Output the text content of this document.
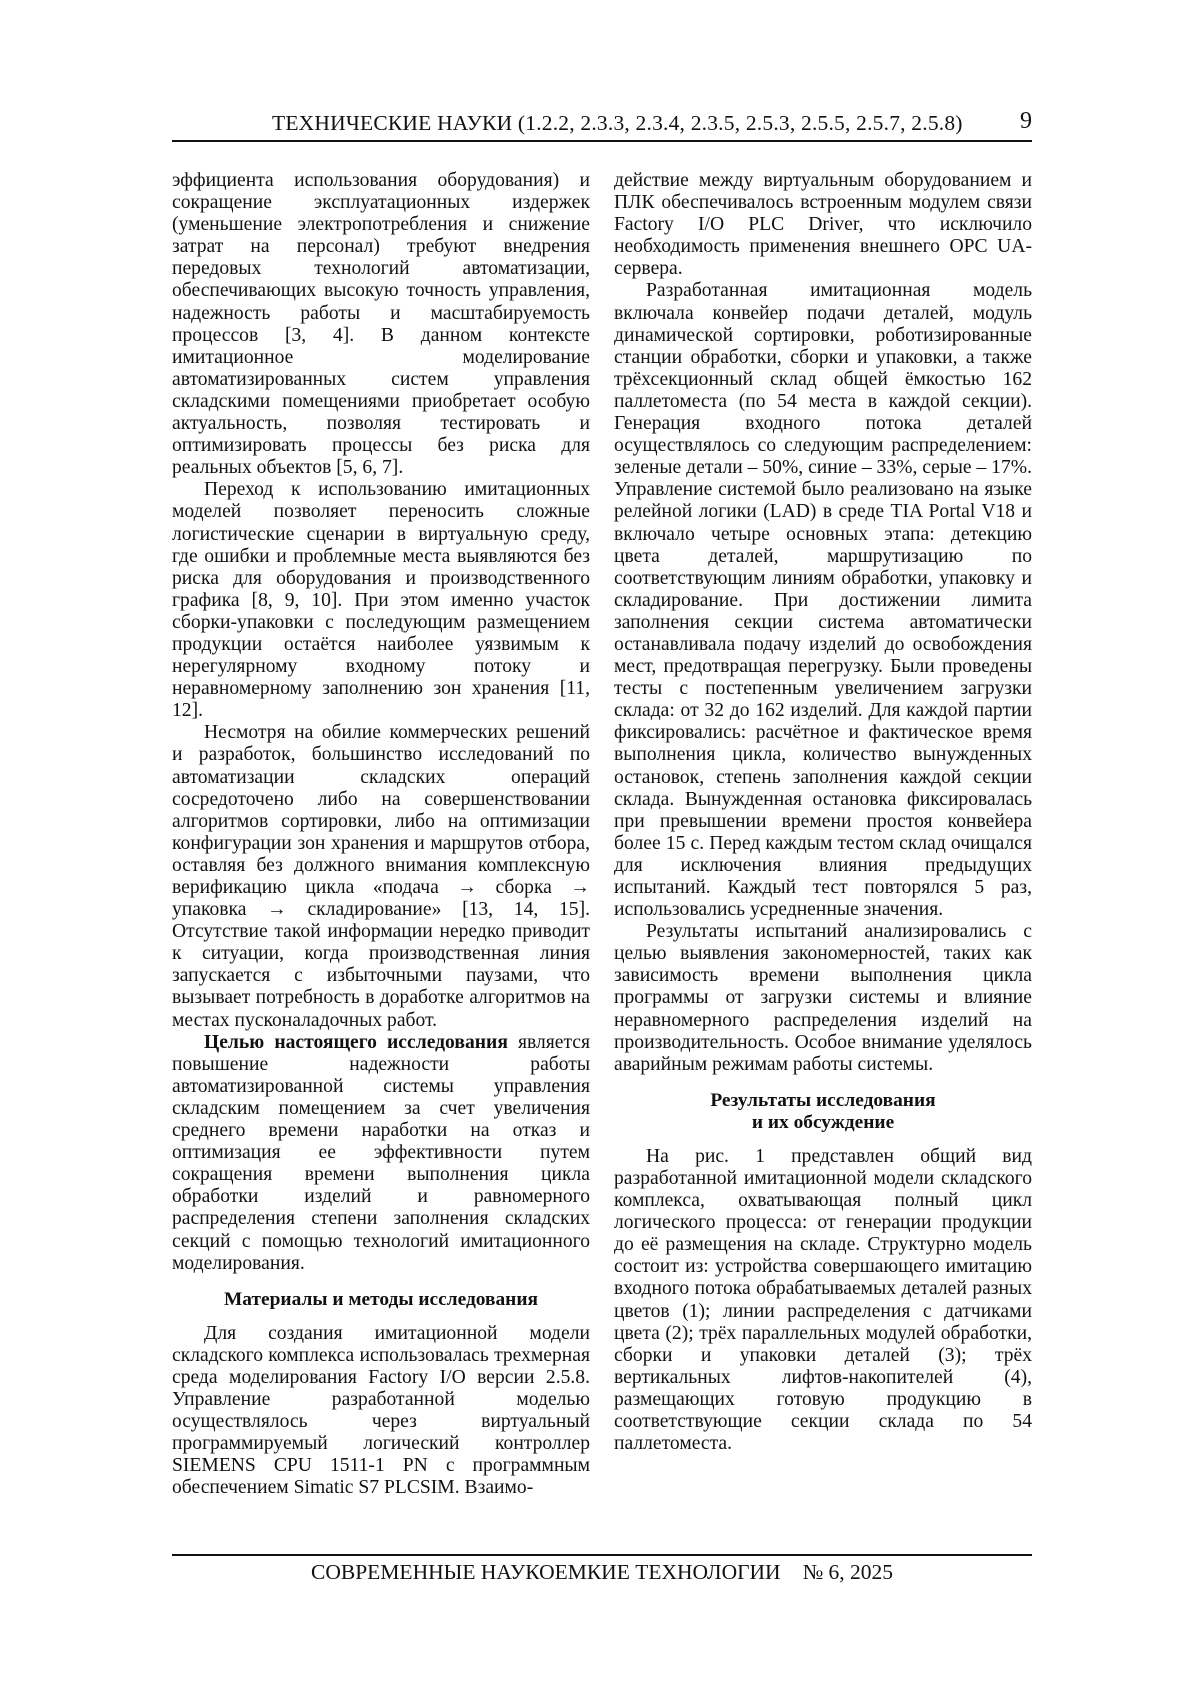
ТЕХНИЧЕСКИЕ НАУКИ (1.2.2, 2.3.3, 2.3.4, 2.3.5, 2.5.3, 2.5.5, 2.5.7, 2.5.8) 9

эффициента использования оборудования) и сокращение эксплуатационных издержек (уменьшение электропотребления и снижение затрат на персонал) требуют внедрения передовых технологий автоматизации, обеспечивающих высокую точность управления, надежность работы и масштабируемость процессов [3, 4]. В данном контексте имитационное моделирование автоматизированных систем управления складскими помещениями приобретает особую актуальность, позволяя тестировать и оптимизировать процессы без риска для реальных объектов [5, 6, 7].

Переход к использованию имитационных моделей позволяет переносить сложные логистические сценарии в виртуальную среду, где ошибки и проблемные места выявляются без риска для оборудования и производственного графика [8, 9, 10]. При этом именно участок сборки-упаковки с последующим размещением продукции остаётся наиболее уязвимым к нерегулярному входному потоку и неравномерному заполнению зон хранения [11, 12].

Несмотря на обилие коммерческих решений и разработок, большинство исследований по автоматизации складских операций сосредоточено либо на совершенствовании алгоритмов сортировки, либо на оптимизации конфигурации зон хранения и маршрутов отбора, оставляя без должного внимания комплексную верификацию цикла «подача → сборка → упаковка → складирование» [13, 14, 15]. Отсутствие такой информации нередко приводит к ситуации, когда производственная линия запускается с избыточными паузами, что вызывает потребность в доработке алгоритмов на местах пусконаладочных работ.

Целью настоящего исследования является повышение надежности работы автоматизированной системы управления складским помещением за счет увеличения среднего времени наработки на отказ и оптимизация ее эффективности путем сокращения времени выполнения цикла обработки изделий и равномерного распределения степени заполнения складских секций с помощью технологий имитационного моделирования.

Материалы и методы исследования

Для создания имитационной модели складского комплекса использовалась трехмерная среда моделирования Factory I/O версии 2.5.8. Управление разработанной моделью осуществлялось через виртуальный программируемый логический контроллер SIEMENS CPU 1511-1 PN с программным обеспечением Simatic S7 PLCSIM. Взаимо-

действие между виртуальным оборудованием и ПЛК обеспечивалось встроенным модулем связи Factory I/O PLC Driver, что исключило необходимость применения внешнего OPC UA-сервера.

Разработанная имитационная модель включала конвейер подачи деталей, модуль динамической сортировки, роботизированные станции обработки, сборки и упаковки, а также трёхсекционный склад общей ёмкостью 162 паллетоместа (по 54 места в каждой секции). Генерация входного потока деталей осуществлялось со следующим распределением: зеленые детали – 50%, синие – 33%, серые – 17%. Управление системой было реализовано на языке релейной логики (LAD) в среде TIA Portal V18 и включало четыре основных этапа: детекцию цвета деталей, маршрутизацию по соответствующим линиям обработки, упаковку и складирование. При достижении лимита заполнения секции система автоматически останавливала подачу изделий до освобождения мест, предотвращая перегрузку. Были проведены тесты с постепенным увеличением загрузки склада: от 32 до 162 изделий. Для каждой партии фиксировались: расчётное и фактическое время выполнения цикла, количество вынужденных остановок, степень заполнения каждой секции склада. Вынужденная остановка фиксировалась при превышении времени простоя конвейера более 15 с. Перед каждым тестом склад очищался для исключения влияния предыдущих испытаний. Каждый тест повторялся 5 раз, использовались усредненные значения.

Результаты испытаний анализировались с целью выявления закономерностей, таких как зависимость времени выполнения цикла программы от загрузки системы и влияние неравномерного распределения изделий на производительность. Особое внимание уделялось аварийным режимам работы системы.

Результаты исследования
и их обсуждение

На рис. 1 представлен общий вид разработанной имитационной модели складского комплекса, охватывающая полный цикл логического процесса: от генерации продукции до её размещения на складе. Структурно модель состоит из: устройства совершающего имитацию входного потока обрабатываемых деталей разных цветов (1); линии распределения с датчиками цвета (2); трёх параллельных модулей обработки, сборки и упаковки деталей (3); трёх вертикальных лифтов-накопителей (4), размещающих готовую продукцию в соответствующие секции склада по 54 паллетоместа.

СОВРЕМЕННЫЕ НАУКОЕМКИЕ ТЕХНОЛОГИИ № 6, 2025
